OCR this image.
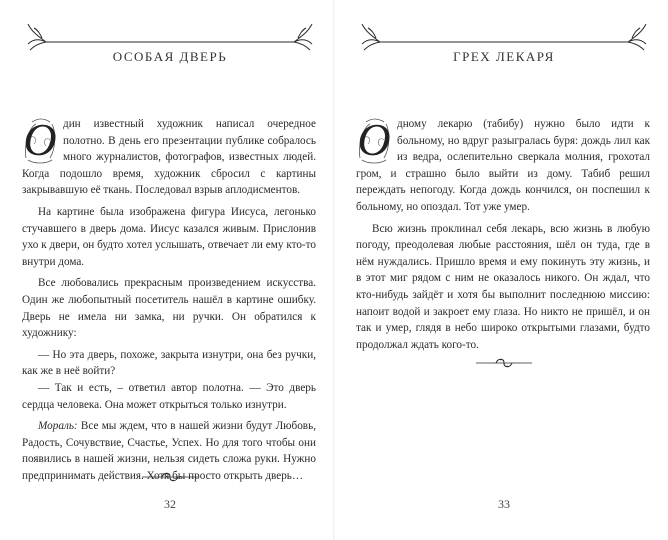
ОСОБАЯ ДВЕРЬ

О дин известный художник написал очередное полотно. В день его презентации публике собралось много журналистов, фотографов, известных людей. Когда подошло время, художник сбросил с картины закрывавшую её ткань. Последовал взрыв аплодисментов.

На картине была изображена фигура Иисуса, легонько стучавшего в дверь дома. Иисус казался живым. Прислонив ухо к двери, он будто хотел услышать, отвечает ли ему кто-то внутри дома.

Все любовались прекрасным произведением искусства. Один же любопытный посетитель нашёл в картине ошибку. Дверь не имела ни замка, ни ручки. Он обратился к художнику:

— Но эта дверь, похоже, закрыта изнутри, она без ручки, как же в неё войти?

— Так и есть, – ответил автор полотна. — Это дверь сердца человека. Она может открыться только изнутри.

Мораль: Все мы ждем, что в нашей жизни будут Любовь, Радость, Сочувствие, Счастье, Успех. Но для того чтобы они появились в нашей жизни, нельзя сидеть сложа руки. Нужно предпринимать действия. Хотя бы просто открыть дверь…

32
ГРЕХ ЛЕКАРЯ

О дному лекарю (табибу) нужно было идти к больному, но вдруг разыгралась буря: дождь лил как из ведра, ослепительно сверкала молния, грохотал гром, и страшно было выйти из дому. Табиб решил переждать непогоду. Когда дождь кончился, он поспешил к больному, но опоздал. Тот уже умер.

Всю жизнь проклинал себя лекарь, всю жизнь в любую погоду, преодолевая любые расстояния, шёл он туда, где в нём нуждались. Пришло время и ему покинуть эту жизнь, и в этот миг рядом с ним не оказалось никого. Он ждал, что кто-нибудь зайдёт и хотя бы выполнит последнюю миссию: напоит водой и закроет ему глаза. Но никто не пришёл, и он так и умер, глядя в небо широко открытыми глазами, будто продолжал ждать кого-то.

33
